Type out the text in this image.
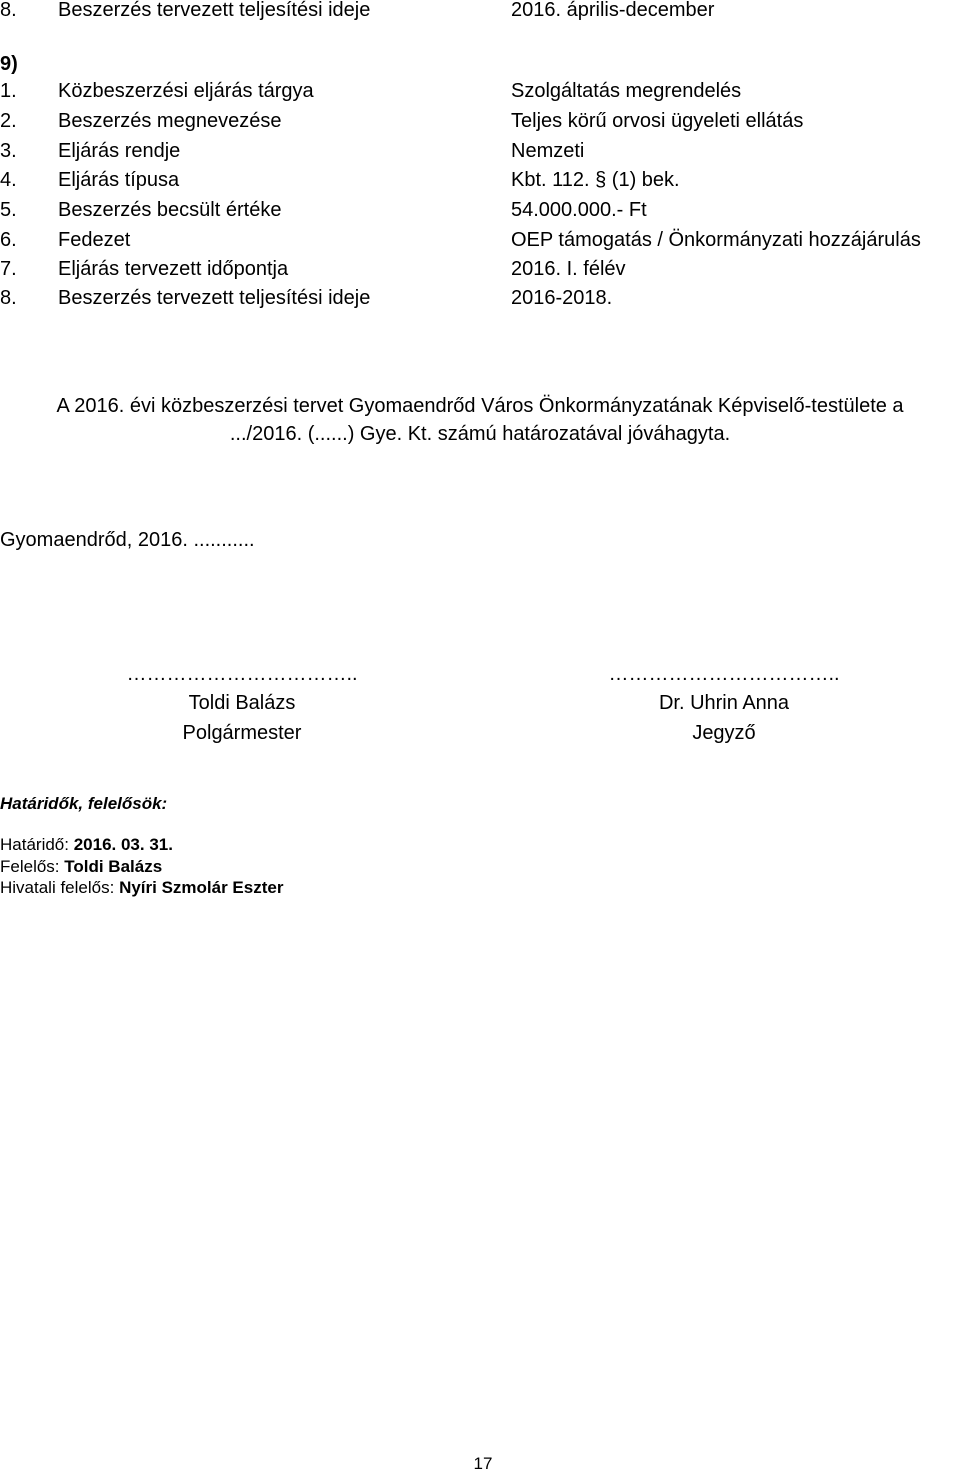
8. Beszerzés tervezett teljesítési ideje	2016. április-december
9)
1. Közbeszerzési eljárás tárgya	Szolgáltatás megrendelés
2. Beszerzés megnevezése	Teljes körű orvosi ügyeleti ellátás
3. Eljárás rendje	Nemzeti
4. Eljárás típusa	Kbt. 112. § (1) bek.
5. Beszerzés becsült értéke	54.000.000.- Ft
6. Fedezet	OEP támogatás / Önkormányzati hozzájárulás
7. Eljárás tervezett időpontja	2016. I. félév
8. Beszerzés tervezett teljesítési ideje	2016-2018.
A 2016. évi közbeszerzési tervet Gyomaendrőd Város Önkormányzatának Képviselő-testülete a
.../2016. (......) Gye. Kt. számú határozatával jóváhagyta.
Gyomaendrőd, 2016. ...........
……………………………..
Toldi Balázs
Polgármester
……………………………..
Dr. Uhrin Anna
Jegyző
Határidők, felelősök:
Határidő: 2016. 03. 31.
Felelős: Toldi Balázs
Hivatali felelős: Nyíri Szmolár Eszter
17
